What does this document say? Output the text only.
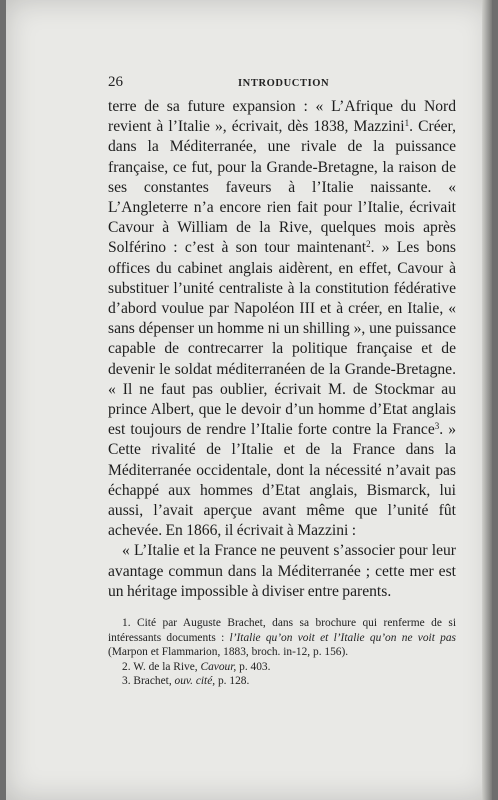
26	INTRODUCTION

terre de sa future expansion : « L’Afrique du Nord revient à l’Italie », écrivait, dès 1838, Mazzini$^1$. Créer, dans la Méditerranée, une rivale de la puissance française, ce fut, pour la Grande-Bretagne, la raison de ses constantes faveurs à l’Italie naissante. « L’Angleterre n’a encore rien fait pour l’Italie, écrivait Cavour à William de la Rive, quelques mois après Solférino : c’est à son tour maintenant$^2$. » Les bons offices du cabinet anglais aidèrent, en effet, Cavour à substituer l’unité centraliste à la constitution fédérative d’abord voulue par Napoléon III et à créer, en Italie, « sans dépenser un homme ni un shilling », une puissance capable de contrecarrer la politique française et de devenir le soldat méditerranéen de la Grande-Bretagne. « Il ne faut pas oublier, écrivait M. de Stockmar au prince Albert, que le devoir d’un homme d’Etat anglais est toujours de rendre l’Italie forte contre la France$^3$. » Cette rivalité de l’Italie et de la France dans la Méditerranée occidentale, dont la nécessité n’avait pas échappé aux hommes d’Etat anglais, Bismarck, lui aussi, l’avait aperçue avant même que l’unité fût achevée. En 1866, il écrivait à Mazzini :

« L’Italie et la France ne peuvent s’associer pour leur avantage commun dans la Méditerranée ; cette mer est un héritage impossible à diviser entre parents.

1. Cité par Auguste Brachet, dans sa brochure qui renferme de si intéressants documents : l’Italie qu’on voit et l’Italie qu’on ne voit pas (Marpon et Flammarion, 1883, broch. in-12, p. 156).

2. W. de la Rive, Cavour, p. 403.

3. Brachet, ouv. cité, p. 128.
